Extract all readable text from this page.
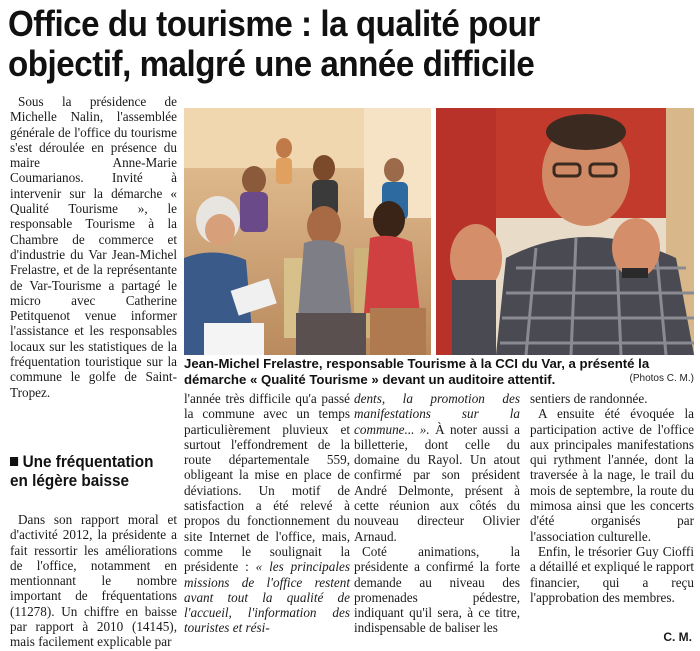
Office du tourisme : la qualité pour
objectif, malgré une année difficile

Sous la présidence de Michelle Nalin, l'assemblée générale de l'office du tourisme s'est déroulée en présence du maire Anne-Marie Coumarianos. Invité à intervenir sur la démarche « Qualité Tourisme », le responsable Tourisme à la Chambre de commerce et d'industrie du Var Jean-Michel Frelastre, et de la représentante de Var-Tourisme a partagé le micro avec Catherine Petitquenot venue informer l'assistance et les responsables locaux sur les statistiques de la fréquentation touristique sur la commune le golfe de Saint-Tropez.

Une fréquentation
en légère baisse

Dans son rapport moral et d'activité 2012, la présidente a fait ressortir les améliorations de l'office, notamment en mentionnant le nombre important de fréquentations (11278). Un chiffre en baisse par rapport à 2010 (14145), mais facilement explicable par

Jean-Michel Frelastre, responsable Tourisme à la CCI du Var, a présenté la démarche « Qualité Tourisme » devant un auditoire attentif.	(Photos C. M.)

l'année très difficile qu'a passé la commune avec un temps particulièrement pluvieux et surtout l'effondrement de la route départementale 559, obligeant la mise en place de déviations. Un motif de satisfaction a été relevé à propos du fonctionnement du site Internet de l'office, mais, comme le soulignait la présidente : « les principales missions de l'office restent avant tout la qualité de l'accueil, l'information des touristes et rési-

dents, la promotion des manifestations sur la commune... ». À noter aussi a billetterie, dont celle du domaine du Rayol. Un atout confirmé par son président André Delmonte, présent à cette réunion aux côtés du nouveau directeur Olivier Arnaud.

Coté animations, la présidente a confirmé la forte demande au niveau des promenades pédestre, indiquant qu'il sera, à ce titre, indispensable de baliser les

sentiers de randonnée.

A ensuite été évoquée la participation active de l'office aux principales manifestations qui rythment l'année, dont la traversée à la nage, le trail du mois de septembre, la route du mimosa ainsi que les concerts d'été organisés par l'association culturelle.

Enfin, le trésorier Guy Cioffi a détaillé et expliqué le rapport financier, qui a reçu l'approbation des membres.

C. M.
